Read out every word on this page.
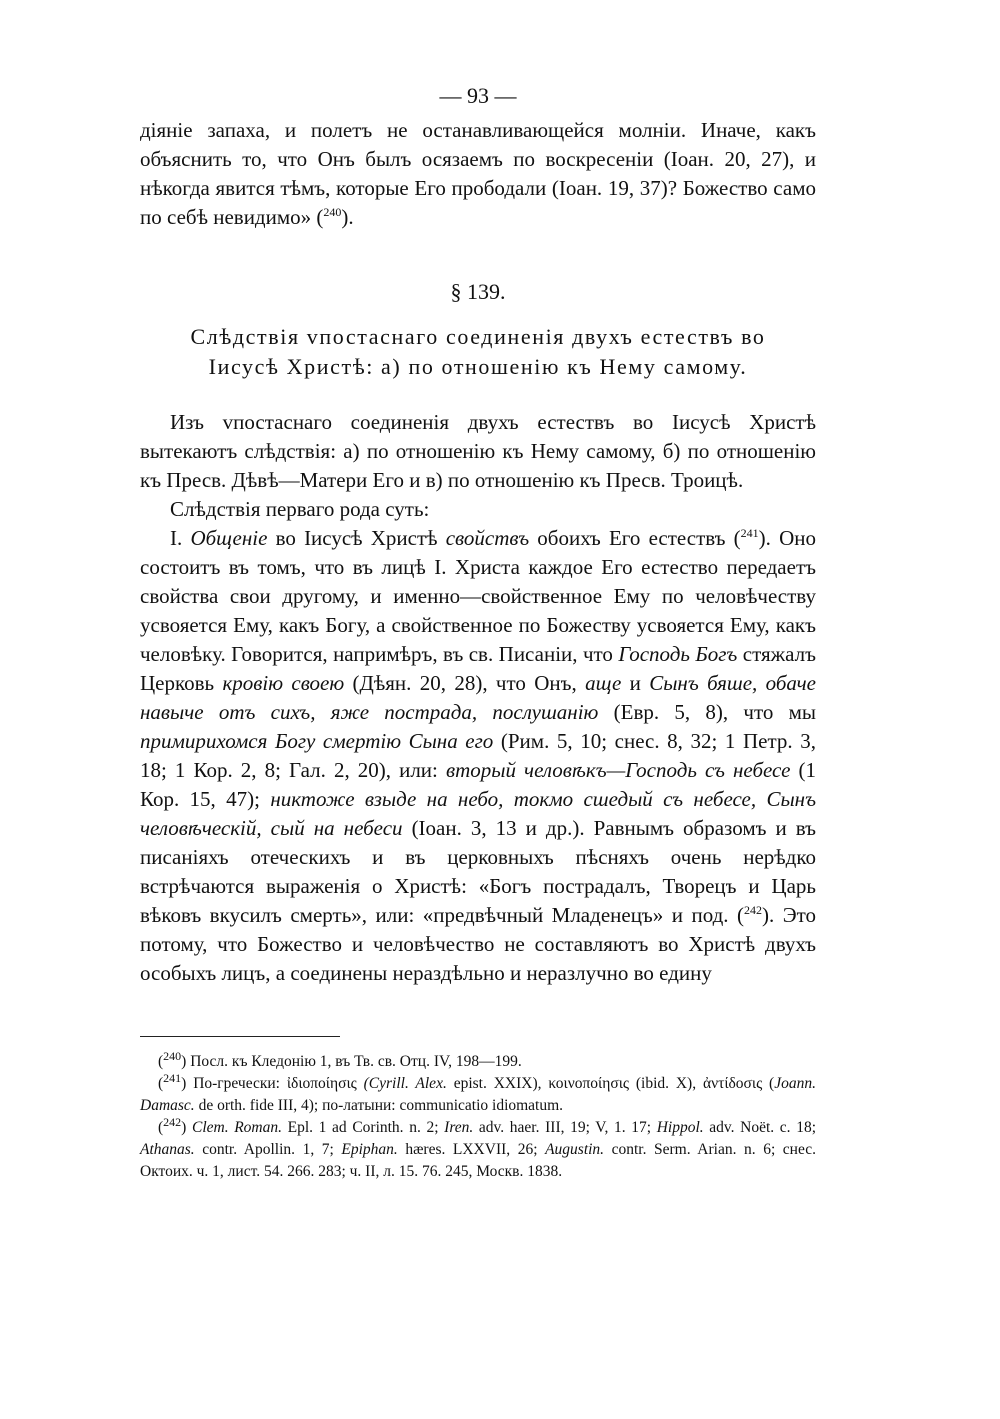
— 93 —

діяніе запаха, и полетъ не останавливающейся молніи. Иначе, какъ объяснить то, что Онъ былъ осязаемъ по воскресеніи (Іоан. 20, 27), и нѣкогда явится тѣмъ, которые Его прободали (Іоан. 19, 37)? Божество само по себѣ невидимо» ($^{240}$).

§ 139.
Слѣдствія vпостаснаго соединенія двухъ естествъ во
Іисусѣ Христѣ: а) по отношенію къ Нему самому.

Изъ vпостаснаго соединенія двухъ естествъ во Іисусѣ Христѣ вытекаютъ слѣдствія: а) по отношенію къ Нему самому, б) по отношенію къ Пресв. Дѣвѣ—Матери Его и в) по отношенію къ Пресв. Троицѣ.

Слѣдствія перваго рода суть:

I. Общеніе во Іисусѣ Христѣ свойствъ обоихъ Его естествъ ($^{241}$). Оно состоитъ въ томъ, что въ лицѣ I. Христа каждое Его естество передаетъ свойства свои другому, и именно—свойственное Ему по человѣчеству усвояется Ему, какъ Богу, а свойственное по Божеству усвояется Ему, какъ человѣку. Говорится, напримѣръ, въ св. Писаніи, что Господь Богъ стяжалъ Церковь кровію своею (Дѣян. 20, 28), что Онъ, аще и Сынъ бяше, обаче навыче отъ сихъ, яже пострада, послушанію (Евр. 5, 8), что мы примирихомся Богу смертію Сына его (Рим. 5, 10; снес. 8, 32; 1 Петр. 3, 18; 1 Кор. 2, 8; Гал. 2, 20), или: вторый человѣкъ—Господь съ небесе (1 Кор. 15, 47); никтоже взыде на небо, токмо сшедый съ небесе, Сынъ человѣческій, сый на небеси (Іоан. 3, 13 и др.). Равнымъ образомъ и въ писаніяхъ отеческихъ и въ церковныхъ пѣсняхъ очень нерѣдко встрѣчаются выраженія о Христѣ: «Богъ пострадалъ, Творецъ и Царь вѣковъ вкусилъ смерть», или: «предвѣчный Младенецъ» и под. ($^{242}$). Это потому, что Божество и человѣчество не составляютъ во Христѣ двухъ особыхъ лицъ, а соединены нераздѣльно и неразлучно во едину

($^{240}$) Посл. къ Кледонію 1, въ Тв. св. Отц. IV, 198—199.

($^{241}$) По-гречески: ἰδιοποίησις (Cyrill. Alex. epist. XXIX), κοινοποίησις (ibid. X), ἀντίδοσις (Joann. Damasc. de orth. fide III, 4); по-латыни: communicatio idiomatum.

($^{242}$) Clem. Roman. Epl. 1 ad Corinth. n. 2; Iren. adv. haer. III, 19; V, 1. 17; Hippol. adv. Noët. c. 18; Athanas. contr. Apollin. 1, 7; Epiphan. hæres. LXXVII, 26; Augustin. contr. Serm. Arian. n. 6; снес. Октоих. ч. 1, лист. 54. 266. 283; ч. II, л. 15. 76. 245, Москв. 1838.
